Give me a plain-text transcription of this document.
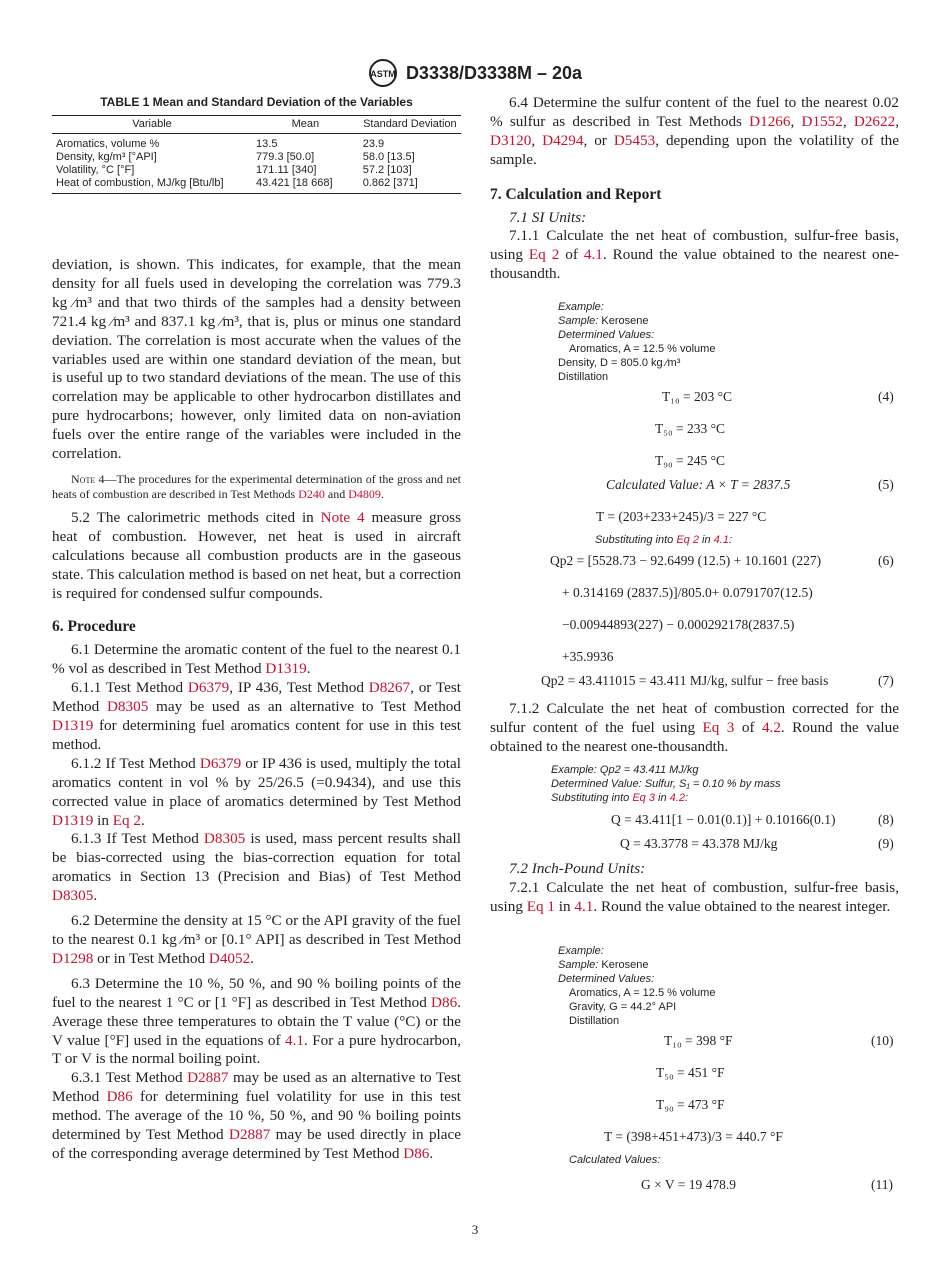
ASTM D3338/D3338M – 20a
TABLE 1 Mean and Standard Deviation of the Variables
Variable	Mean	Standard Deviation

Aromatics, volume %	13.5	23.9
Density, kg/m³ [°API]	779.3 [50.0]	58.0 [13.5]
Volatility, °C [°F]	171.11 [340]	57.2 [103]
Heat of combustion, MJ/kg [Btu/lb]	43.421 [18 668]	0.862 [371]

deviation, is shown. This indicates, for example, that the mean density for all fuels used in developing the correlation was 779.3 kg ⁄m³ and that two thirds of the samples had a density between 721.4 kg ⁄m³ and 837.1 kg ⁄m³, that is, plus or minus one standard deviation. The correlation is most accurate when the values of the variables used are within one standard deviation of the mean, but is useful up to two standard deviations of the mean. The use of this correlation may be applicable to other hydrocarbon distillates and pure hydrocarbons; however, only limited data on non-aviation fuels over the entire range of the variables were included in the correlation.

Note 4—The procedures for the experimental determination of the gross and net heats of combustion are described in Test Methods D240 and D4809.

5.2 The calorimetric methods cited in Note 4 measure gross heat of combustion. However, net heat is used in aircraft calculations because all combustion products are in the gaseous state. This calculation method is based on net heat, but a correction is required for condensed sulfur compounds.

6. Procedure

6.1 Determine the aromatic content of the fuel to the nearest 0.1 % vol as described in Test Method D1319.

6.1.1 Test Method D6379, IP 436, Test Method D8267, or Test Method D8305 may be used as an alternative to Test Method D1319 for determining fuel aromatics content for use in this test method.

6.1.2 If Test Method D6379 or IP 436 is used, multiply the total aromatics content in vol % by 25/26.5 (=0.9434), and use this corrected value in place of aromatics determined by Test Method D1319 in Eq 2.

6.1.3 If Test Method D8305 is used, mass percent results shall be bias-corrected using the bias-correction equation for total aromatics in Section 13 (Precision and Bias) of Test Method D8305.

6.2 Determine the density at 15 °C or the API gravity of the fuel to the nearest 0.1 kg ⁄m³ or [0.1° API] as described in Test Method D1298 or in Test Method D4052.

6.3 Determine the 10 %, 50 %, and 90 % boiling points of the fuel to the nearest 1 °C or [1 °F] as described in Test Method D86. Average these three temperatures to obtain the T value (°C) or the V value [°F] used in the equations of 4.1. For a pure hydrocarbon, T or V is the normal boiling point.

6.3.1 Test Method D2887 may be used as an alternative to Test Method D86 for determining fuel volatility for use in this test method. The average of the 10 %, 50 %, and 90 % boiling points determined by Test Method D2887 may be used directly in place of the corresponding average determined by Test Method D86.

6.4 Determine the sulfur content of the fuel to the nearest 0.02 % sulfur as described in Test Methods D1266, D1552, D2622, D3120, D4294, or D5453, depending upon the volatility of the sample.

7. Calculation and Report

7.1 SI Units:

7.1.1 Calculate the net heat of combustion, sulfur-free basis, using Eq 2 of 4.1. Round the value obtained to the nearest one-thousandth.

Example:
Sample: Kerosene
Determined Values:
Aromatics, A = 12.5 % volume
Density, D = 805.0 kg ⁄m³
Distillation
T₁₀ = 203 °C	(4)
T₅₀ = 233 °C
T₉₀ = 245 °C
Calculated Value: A × T = 2837.5	(5)
T = (203+233+245)/3 = 227 °C
Substituting into Eq 2 in 4.1:
Qp2 = [5528.73 − 92.6499 (12.5) + 10.1601 (227)	(6)
+ 0.314169 (2837.5)]/805.0+ 0.0791707(12.5)
−0.00944893(227) − 0.000292178(2837.5)
+35.9936
Qp2 = 43.411015 = 43.411 MJ/kg, sulfur − free basis	(7)

7.1.2 Calculate the net heat of combustion corrected for the sulfur content of the fuel using Eq 3 of 4.2. Round the value obtained to the nearest one-thousandth.

Example: Qp2 = 43.411 MJ/kg
Determined Value: Sulfur, S₁ = 0.10 % by mass
Substituting into Eq 3 in 4.2:
Q = 43.411[1 − 0.01(0.1)] + 0.10166(0.1)	(8)
Q = 43.3778 = 43.378 MJ/kg	(9)

7.2 Inch-Pound Units:

7.2.1 Calculate the net heat of combustion, sulfur-free basis, using Eq 1 in 4.1. Round the value obtained to the nearest integer.

Example:
Sample: Kerosene
Determined Values:
Aromatics, A = 12.5 % volume
Gravity, G = 44.2° API
Distillation
T₁₀ = 398 °F	(10)
T₅₀ = 451 °F
T₉₀ = 473 °F
T = (398+451+473)/3 = 440.7 °F
Calculated Values:
G × V = 19 478.9	(11)
3
